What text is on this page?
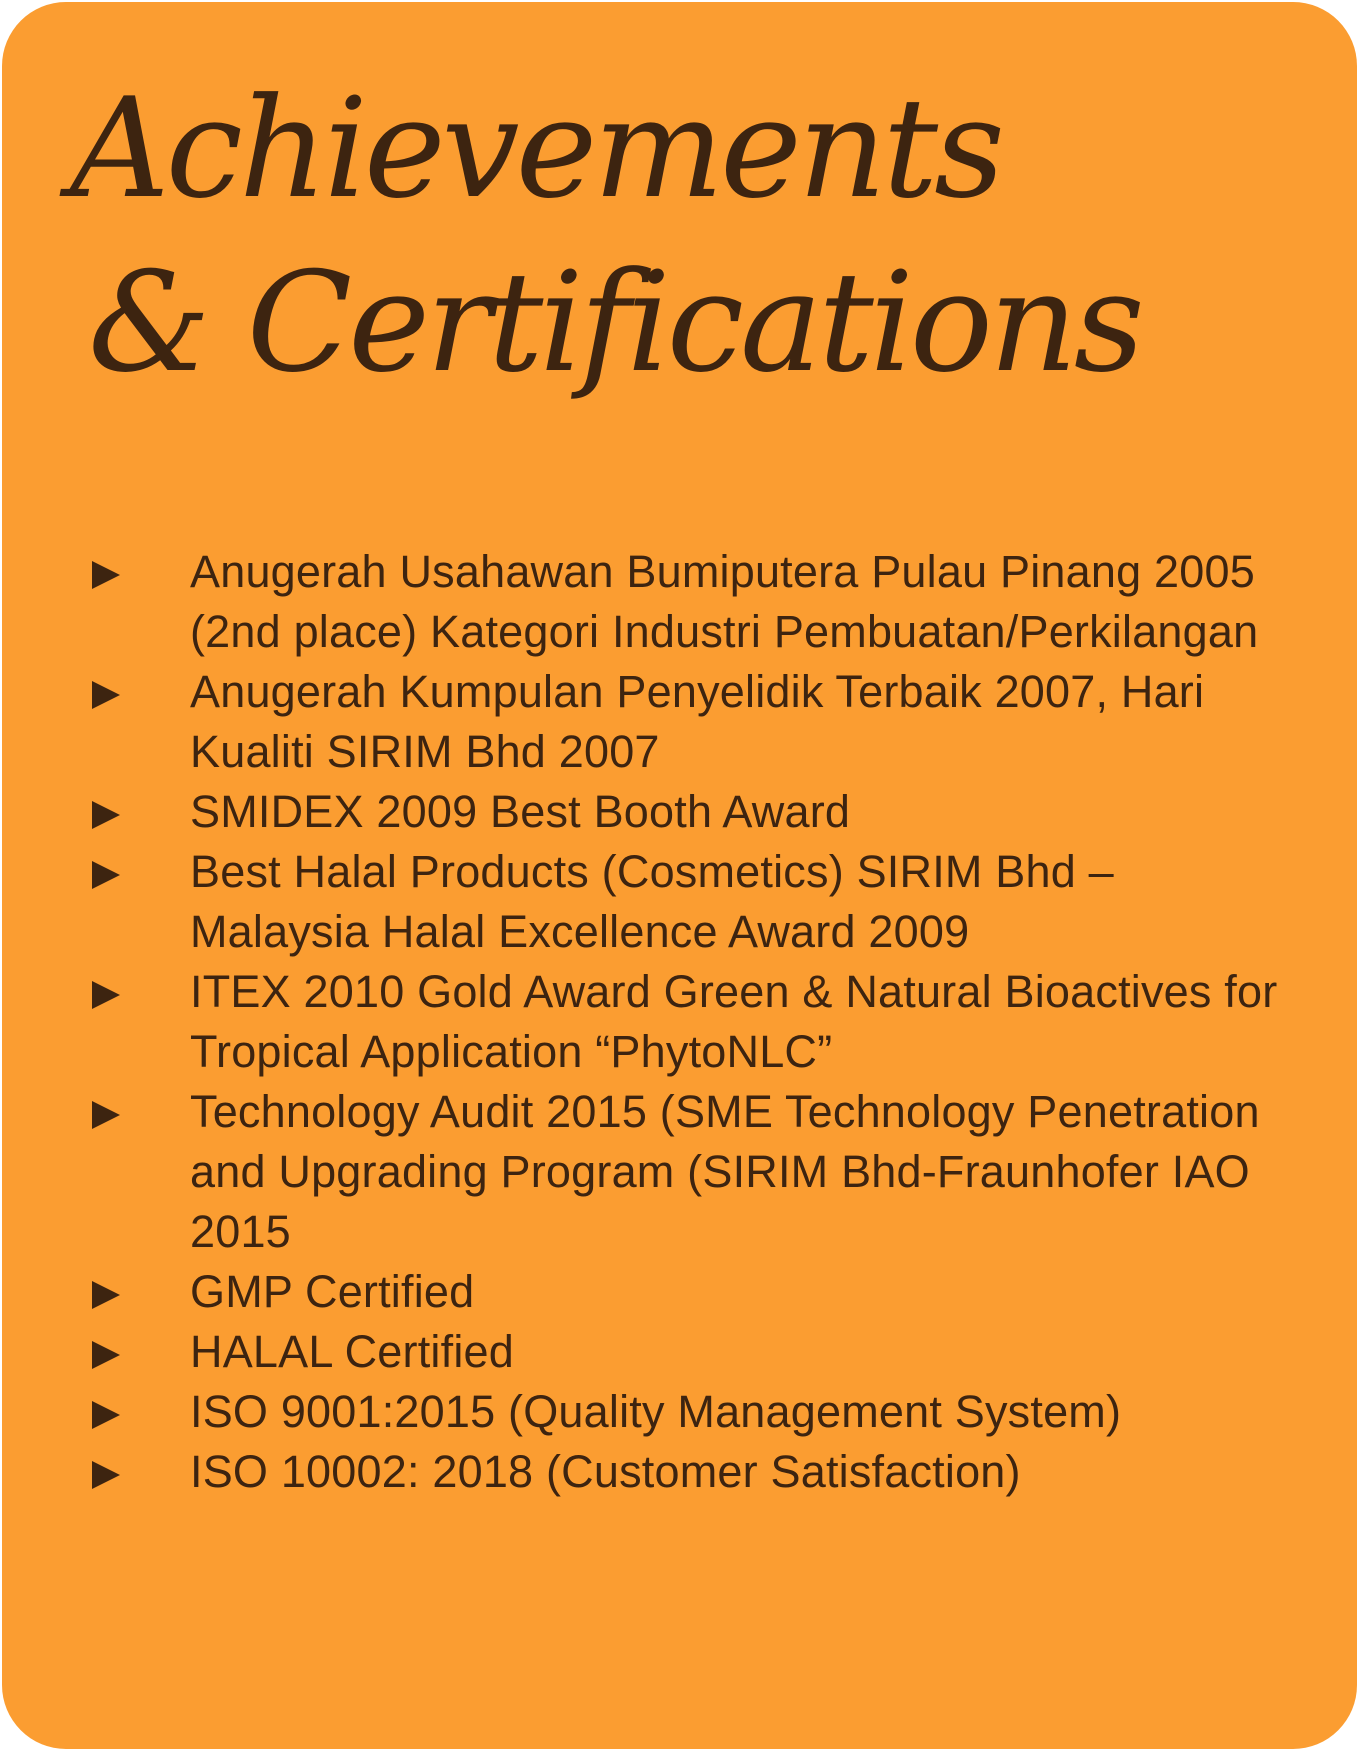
Achievements
& Certifications
Anugerah Usahawan Bumiputera Pulau Pinang 2005 (2nd place) Kategori Industri Pembuatan/Perkilangan
Anugerah Kumpulan Penyelidik Terbaik 2007, Hari Kualiti SIRIM Bhd 2007
SMIDEX 2009 Best Booth Award
Best Halal Products (Cosmetics) SIRIM Bhd – Malaysia Halal Excellence Award 2009
ITEX 2010 Gold Award Green & Natural Bioactives for Tropical Application “PhytoNLC”
Technology Audit 2015 (SME Technology Penetration and Upgrading Program (SIRIM Bhd-Fraunhofer IAO 2015
GMP Certified
HALAL Certified
ISO 9001:2015 (Quality Management System)
ISO 10002: 2018 (Customer Satisfaction)
